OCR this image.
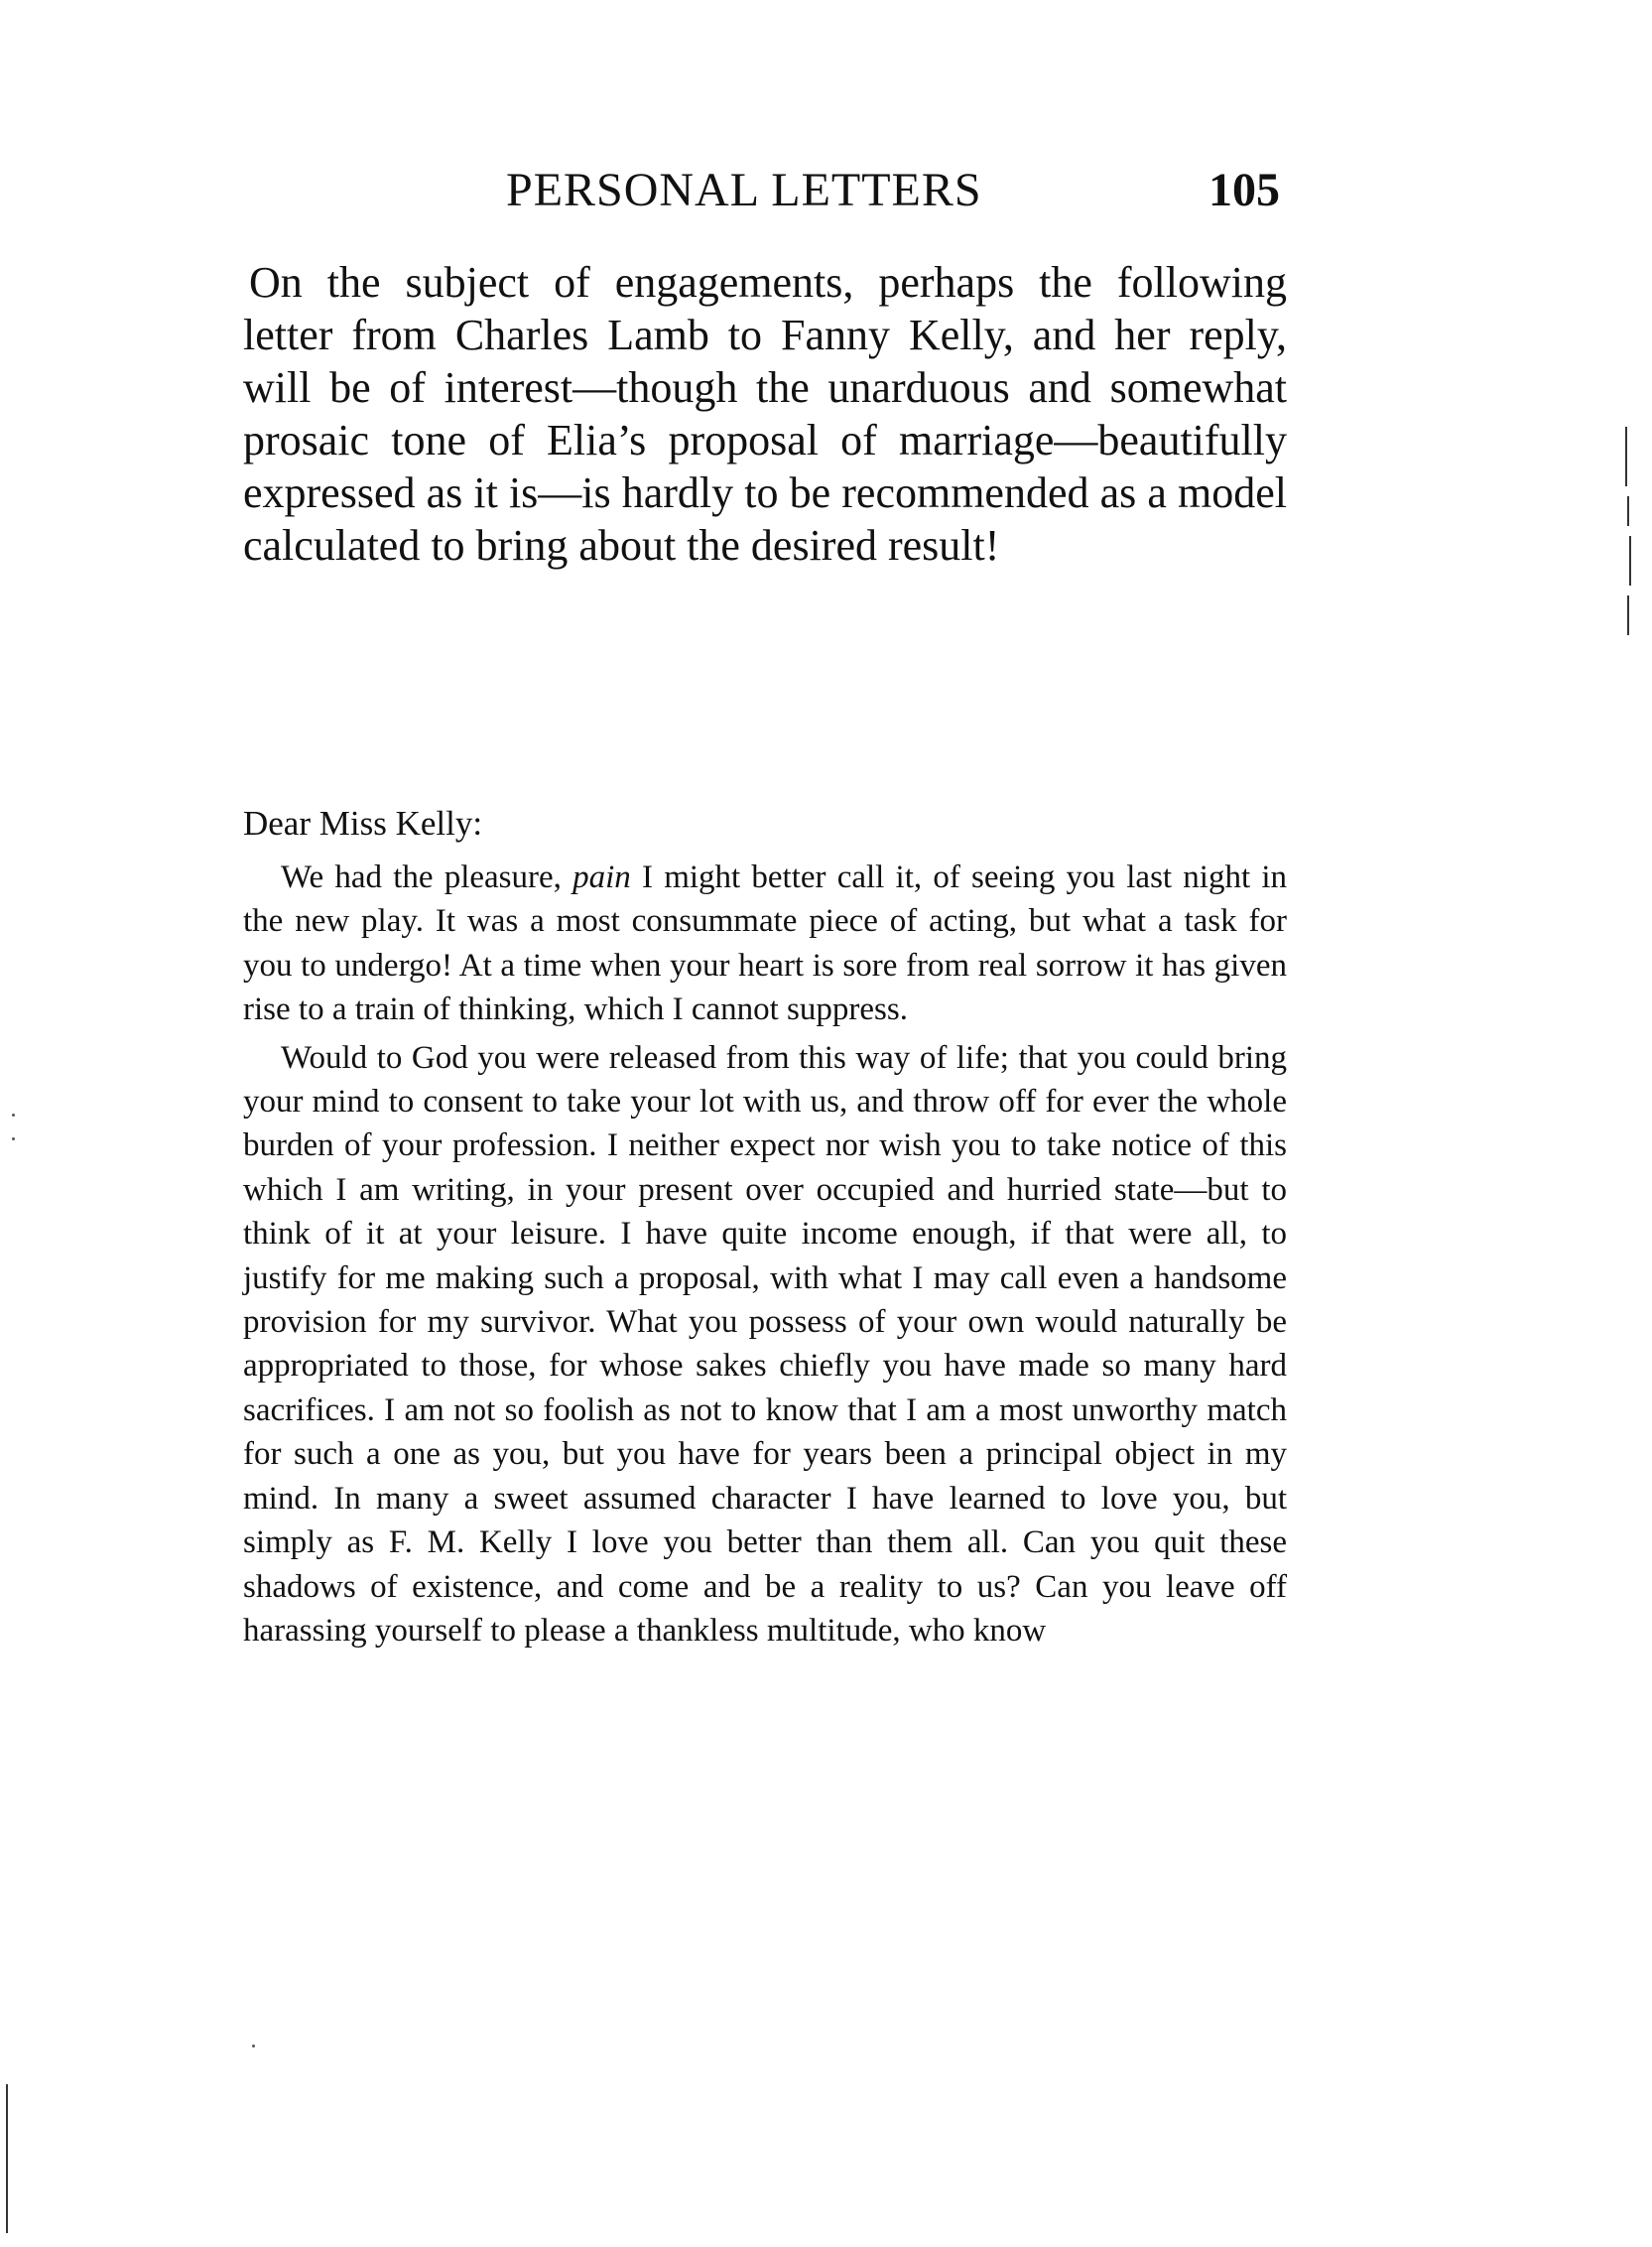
PERSONAL LETTERS	105

On the subject of engagements, perhaps the following letter from Charles Lamb to Fanny Kelly, and her reply, will be of interest—though the unarduous and somewhat prosaic tone of Elia’s proposal of marriage—beautifully expressed as it is—is hardly to be recommended as a model calculated to bring about the desired result!

Dear Miss Kelly:

We had the pleasure, pain I might better call it, of seeing you last night in the new play. It was a most consummate piece of acting, but what a task for you to undergo! At a time when your heart is sore from real sorrow it has given rise to a train of thinking, which I cannot suppress.

Would to God you were released from this way of life; that you could bring your mind to consent to take your lot with us, and throw off for ever the whole burden of your profession. I neither expect nor wish you to take notice of this which I am writing, in your present over occupied and hurried state—but to think of it at your leisure. I have quite income enough, if that were all, to justify for me making such a proposal, with what I may call even a handsome provision for my survivor. What you possess of your own would naturally be appropriated to those, for whose sakes chiefly you have made so many hard sacrifices. I am not so foolish as not to know that I am a most unworthy match for such a one as you, but you have for years been a principal object in my mind. In many a sweet assumed character I have learned to love you, but simply as F. M. Kelly I love you better than them all. Can you quit these shadows of existence, and come and be a reality to us? Can you leave off harassing yourself to please a thankless multitude, who know
